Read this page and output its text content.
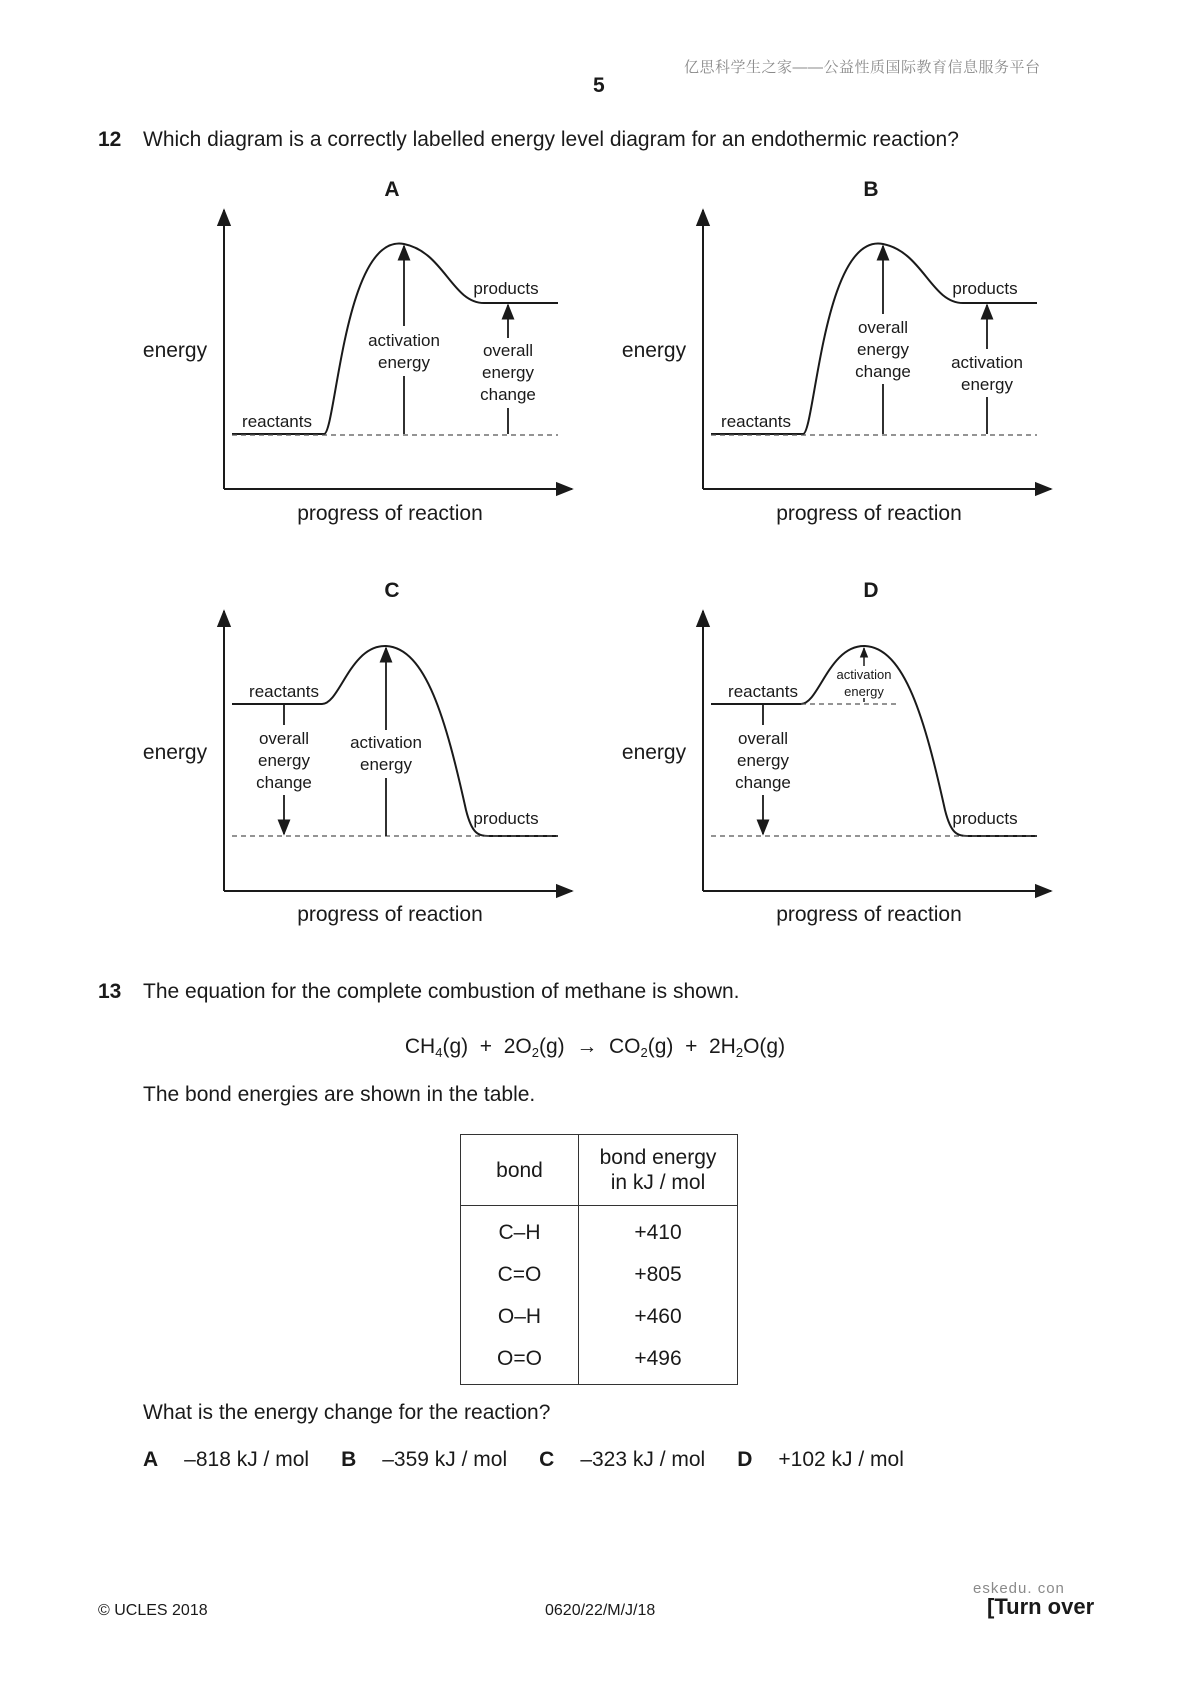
亿思科学生之家——公益性质国际教育信息服务平台
5
12 Which diagram is a correctly labelled energy level diagram for an endothermic reaction?
A
energy
progress of reaction
reactants
products
activation
energy
overall
energy
change
B
energy
progress of reaction
reactants
products
overall
energy
change activation
energy
C
energy
progress of reaction
reactants
products
overall
energy
change
activation
energy
D
energy
progress of reaction
reactants
products
overall
energy
change
activation
energy
13 The equation for the complete combustion of methane is shown.
$CH_4(g) + 2O_2(g) \to CO_2(g) + 2H_2O(g)$
The bond energies are shown in the table.
bond	bond energy
in kJ / mol
C–H	+410
C=O	+805
O–H	+460
O=O	+496
What is the energy change for the reaction?
A –818 kJ / mol B –359 kJ / mol C –323 kJ / mol D +102 kJ / mol
eskedu. con
© UCLES 2018	0620/22/M/J/18	[Turn over
